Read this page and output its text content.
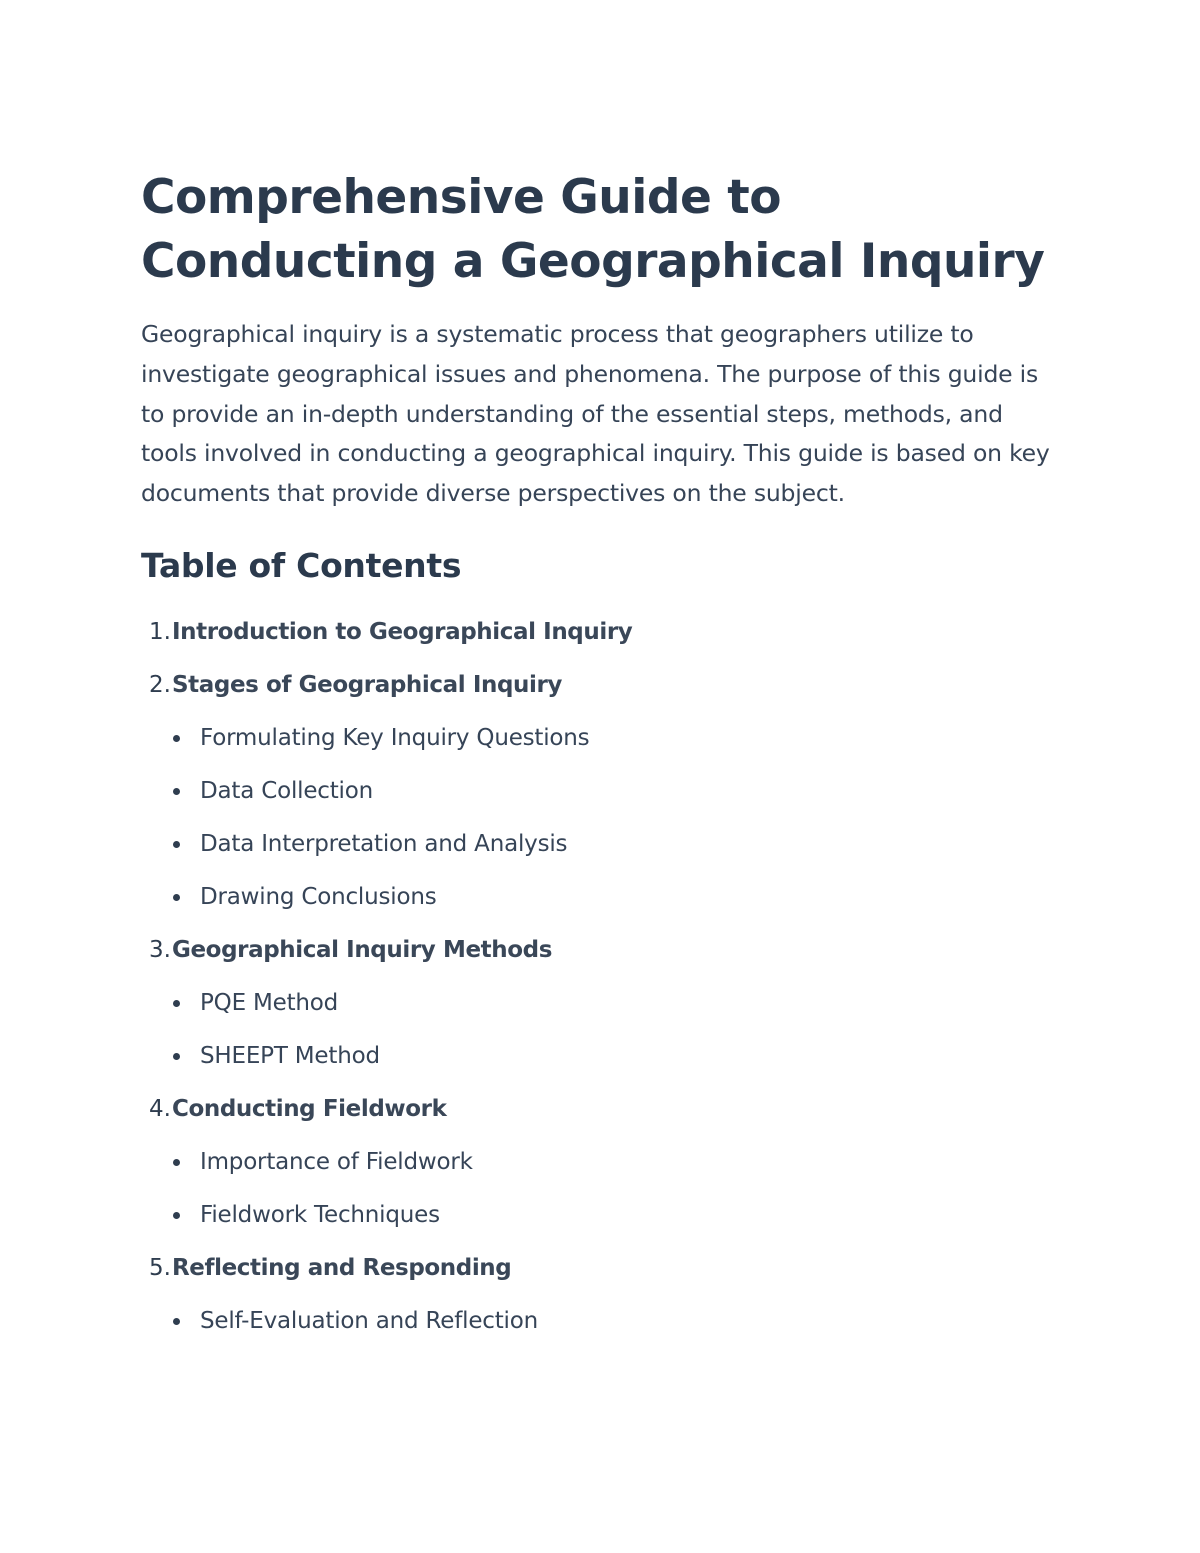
Comprehensive Guide to Conducting a Geographical Inquiry

Geographical inquiry is a systematic process that geographers utilize to investigate geographical issues and phenomena. The purpose of this guide is to provide an in-depth understanding of the essential steps, methods, and tools involved in conducting a geographical inquiry. This guide is based on key documents that provide diverse perspectives on the subject.

Table of Contents
1. Introduction to Geographical Inquiry
2. Stages of Geographical Inquiry
Formulating Key Inquiry Questions
Data Collection
Data Interpretation and Analysis
Drawing Conclusions
3. Geographical Inquiry Methods
PQE Method
SHEEPT Method
4. Conducting Fieldwork
Importance of Fieldwork
Fieldwork Techniques
5. Reflecting and Responding
Self-Evaluation and Reflection
